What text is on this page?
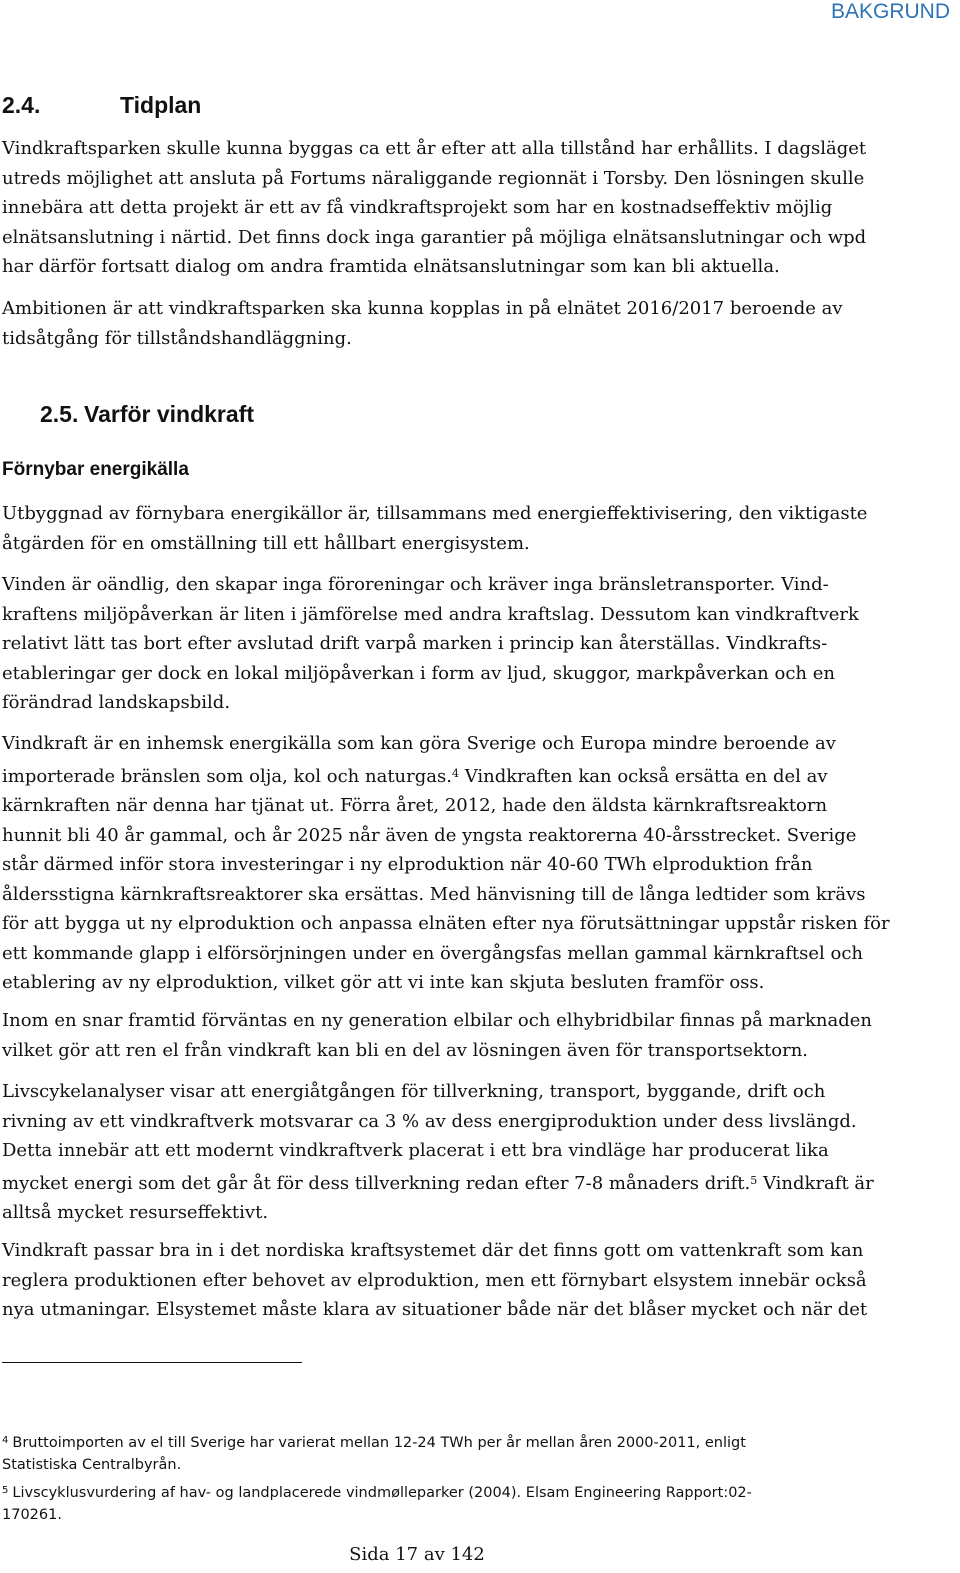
BAKGRUND
2.4.	Tidplan

Vindkraftsparken skulle kunna byggas ca ett år efter att alla tillstånd har erhållits. I dagsläget
utreds möjlighet att ansluta på Fortums näraliggande regionnät i Torsby. Den lösningen skulle
innebära att detta projekt är ett av få vindkraftsprojekt som har en kostnadseffektiv möjlig
elnätsanslutning i närtid. Det finns dock inga garantier på möjliga elnätsanslutningar och wpd
har därför fortsatt dialog om andra framtida elnätsanslutningar som kan bli aktuella.

Ambitionen är att vindkraftsparken ska kunna kopplas in på elnätet 2016/2017 beroende av
tidsåtgång för tillståndshandläggning.

2.5. Varför vindkraft
Förnybar energikälla

Utbyggnad av förnybara energikällor är, tillsammans med energieffektivisering, den viktigaste
åtgärden för en omställning till ett hållbart energisystem.

Vinden är oändlig, den skapar inga föroreningar och kräver inga bränsletransporter. Vind-
kraftens miljöpåverkan är liten i jämförelse med andra kraftslag. Dessutom kan vindkraftverk
relativt lätt tas bort efter avslutad drift varpå marken i princip kan återställas. Vindkrafts-
etableringar ger dock en lokal miljöpåverkan i form av ljud, skuggor, markpåverkan och en
förändrad landskapsbild.

Vindkraft är en inhemsk energikälla som kan göra Sverige och Europa mindre beroende av
importerade bränslen som olja, kol och naturgas.$^4$ Vindkraften kan också ersätta en del av
kärnkraften när denna har tjänat ut. Förra året, 2012, hade den äldsta kärnkraftsreaktorn
hunnit bli 40 år gammal, och år 2025 når även de yngsta reaktorerna 40-årsstrecket. Sverige
står därmed inför stora investeringar i ny elproduktion när 40-60 TWh elproduktion från
åldersstigna kärnkraftsreaktorer ska ersättas. Med hänvisning till de långa ledtider som krävs
för att bygga ut ny elproduktion och anpassa elnäten efter nya förutsättningar uppstår risken för
ett kommande glapp i elförsörjningen under en övergångsfas mellan gammal kärnkraftsel och
etablering av ny elproduktion, vilket gör att vi inte kan skjuta besluten framför oss.

Inom en snar framtid förväntas en ny generation elbilar och elhybridbilar finnas på marknaden
vilket gör att ren el från vindkraft kan bli en del av lösningen även för transportsektorn.

Livscykelanalyser visar att energiåtgången för tillverkning, transport, byggande, drift och
rivning av ett vindkraftverk motsvarar ca 3 % av dess energiproduktion under dess livslängd.
Detta innebär att ett modernt vindkraftverk placerat i ett bra vindläge har producerat lika
mycket energi som det går åt för dess tillverkning redan efter 7-8 månaders drift.$^5$ Vindkraft är
alltså mycket resurseffektivt.

Vindkraft passar bra in i det nordiska kraftsystemet där det finns gott om vattenkraft som kan
reglera produktionen efter behovet av elproduktion, men ett förnybart elsystem innebär också
nya utmaningar. Elsystemet måste klara av situationer både när det blåser mycket och när det

$^4$ Bruttoimporten av el till Sverige har varierat mellan 12-24 TWh per år mellan åren 2000-2011, enligt
Statistiska Centralbyrån.
$^5$ Livscyklusvurdering af hav- og landplacerede vindmølleparker (2004). Elsam Engineering Rapport:02-
170261.
Sida 17 av 142
